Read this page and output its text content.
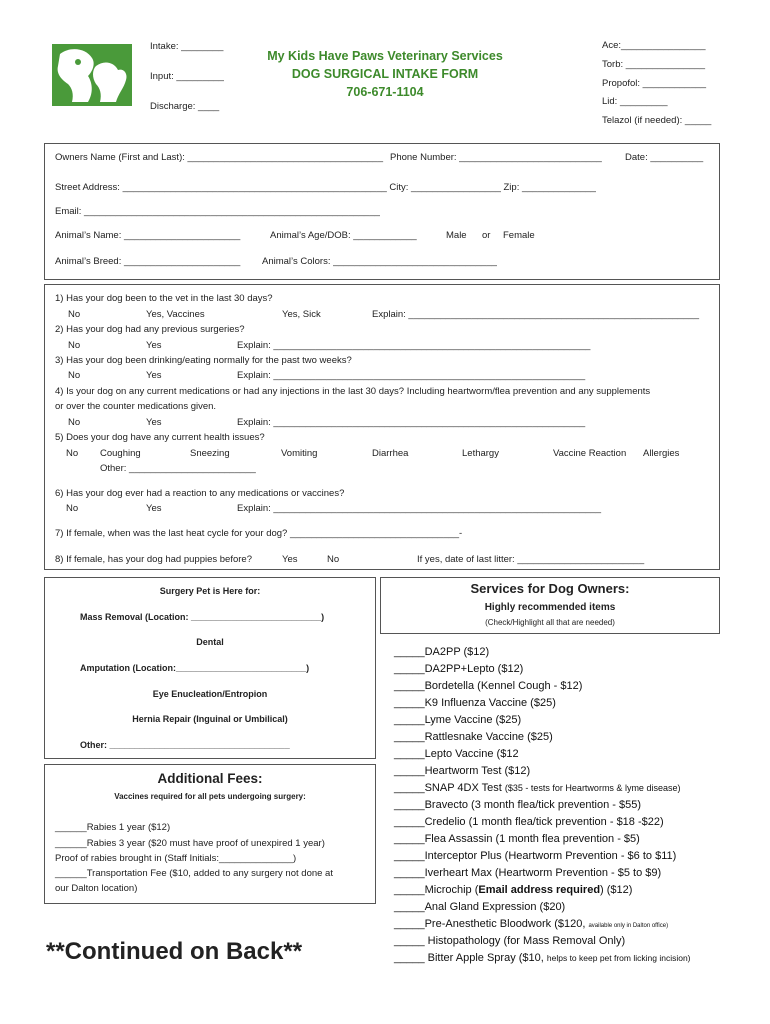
Intake: ________
Input: _________
Discharge: ____
My Kids Have Paws Veterinary Services
DOG SURGICAL INTAKE FORM
706-671-1104
Ace:________________
Torb: _______________
Propofol: ____________
Lid: _________
Telazol (if needed): _____
Owners Name (First and Last): _____________________________________ Phone Number: ___________________________ Date: __________
Street Address: __________________________________________________ City: _________________ Zip: ______________
Email: ________________________________________________________
Animal’s Name: ______________________	Animal’s Age/DOB: ____________	Male or Female
Animal’s Breed: ______________________ Animal’s Colors: _______________________________
1) Has your dog been to the vet in the last 30 days?
No	Yes, Vaccines	Yes, Sick	Explain: _______________________________________________________
2) Has your dog had any previous surgeries?
No	Yes	Explain: ____________________________________________________________
3) Has your dog been drinking/eating normally for the past two weeks?
No	Yes	Explain: ___________________________________________________________
4) Is your dog on any current medications or had any injections in the last 30 days? Including heartworm/flea prevention and any supplements
or over the counter medications given.
No	Yes	Explain: ___________________________________________________________
5) Does your dog have any current health issues?
No Coughing	Sneezing	Vomiting	Diarrhea	Lethargy	Vaccine Reaction Allergies
Other: ________________________
6) Has your dog ever had a reaction to any medications or vaccines?
No	Yes	Explain: ______________________________________________________________
7) If female, when was the last heat cycle for your dog? ________________________________-
8) If female, has your dog had puppies before?	Yes	No	If yes, date of last litter: ________________________
Surgery Pet is Here for:
Mass Removal (Location: __________________________)
Dental
Amputation (Location:__________________________)
Eye Enucleation/Entropion
Hernia Repair (Inguinal or Umbilical)
Other: ____________________________________
Additional Fees:
Vaccines required for all pets undergoing surgery:
______Rabies 1 year ($12)
______Rabies 3 year ($20 must have proof of unexpired 1 year)
Proof of rabies brought in (Staff Initials:______________)
______Transportation Fee ($10, added to any surgery not done at
our Dalton location)
**Continued on Back**
Services for Dog Owners:
Highly recommended items
(Check/Highlight all that are needed)
_____DA2PP ($12)
_____DA2PP+Lepto ($12)
_____Bordetella (Kennel Cough - $12)
_____K9 Influenza Vaccine ($25)
_____Lyme Vaccine ($25)
_____Rattlesnake Vaccine ($25)
_____Lepto Vaccine ($12
_____Heartworm Test ($12)
_____SNAP 4DX Test ($35 - tests for Heartworms & lyme disease)
_____Bravecto (3 month flea/tick prevention - $55)
_____Credelio (1 month flea/tick prevention - $18 -$22)
_____Flea Assassin (1 month flea prevention - $5)
_____Interceptor Plus (Heartworm Prevention - $6 to $11)
_____Iverheart Max (Heartworm Prevention - $5 to $9)
_____Microchip (Email address required) ($12)
_____Anal Gland Expression ($20)
_____Pre-Anesthetic Bloodwork ($120, available only in Dalton office)
_____ Histopathology (for Mass Removal Only)
_____ Bitter Apple Spray ($10, helps to keep pet from licking incision)
